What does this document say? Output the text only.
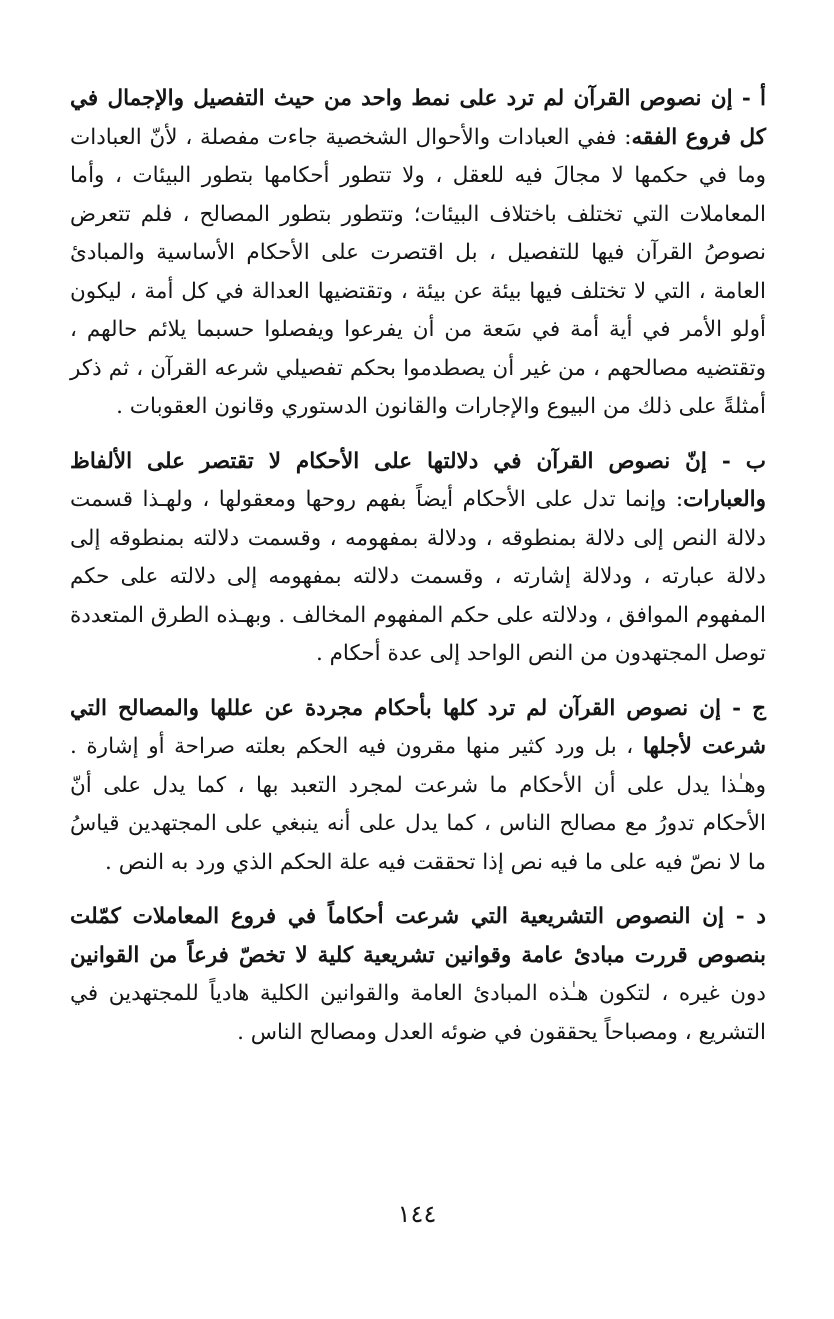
أ - إن نصوص القرآن لم ترد على نمط واحد من حيث التفصيل والإجمال في كل فروع الفقه: ففي العبادات والأحوال الشخصية جاءت مفصلة ، لأنّ العبادات وما في حكمها لا مجالَ فيه للعقل ، ولا تتطور أحكامها بتطور البيئات ، وأما المعاملات التي تختلف باختلاف البيئات؛ وتتطور بتطور المصالح ، فلم تتعرض نصوصُ القرآن فيها للتفصيل ، بل اقتصرت على الأحكام الأساسية والمبادئ العامة ، التي لا تختلف فيها بيئة عن بيئة ، وتقتضيها العدالة في كل أمة ، ليكون أولو الأمر في أية أمة في سَعة من أن يفرعوا ويفصلوا حسبما يلائم حالهم ، وتقتضيه مصالحهم ، من غير أن يصطدموا بحكم تفصيلي شرعه القرآن ، ثم ذكر أمثلةً على ذلك من البيوع والإجارات والقانون الدستوري وقانون العقوبات .

ب - إنّ نصوص القرآن في دلالتها على الأحكام لا تقتصر على الألفاظ والعبارات: وإنما تدل على الأحكام أيضاً بفهم روحها ومعقولها ، ولهـذا قسمت دلالة النص إلى دلالة بمنطوقه ، ودلالة بمفهومه ، وقسمت دلالته بمنطوقه إلى دلالة عبارته ، ودلالة إشارته ، وقسمت دلالته بمفهومه إلى دلالته على حكم المفهوم الموافق ، ودلالته على حكم المفهوم المخالف . وبهـذه الطرق المتعددة توصل المجتهدون من النص الواحد إلى عدة أحكام .

ج - إن نصوص القرآن لم ترد كلها بأحكام مجردة عن عللها والمصالح التي شرعت لأجلها ، بل ورد كثير منها مقرون فيه الحكم بعلته صراحة أو إشارة . وهـٰذا يدل على أن الأحكام ما شرعت لمجرد التعبد بها ، كما يدل على أنّ الأحكام تدورُ مع مصالح الناس ، كما يدل على أنه ينبغي على المجتهدين قياسُ ما لا نصّ فيه على ما فيه نص إذا تحققت فيه علة الحكم الذي ورد به النص .

د - إن النصوص التشريعية التي شرعت أحكاماً في فروع المعاملات كمّلت بنصوص قررت مبادئ عامة وقوانين تشريعية كلية لا تخصّ فرعاً من القوانين دون غيره ، لتكون هـٰذه المبادئ العامة والقوانين الكلية هادياً للمجتهدين في التشريع ، ومصباحاً يحققون في ضوئه العدل ومصالح الناس .

١٤٤
